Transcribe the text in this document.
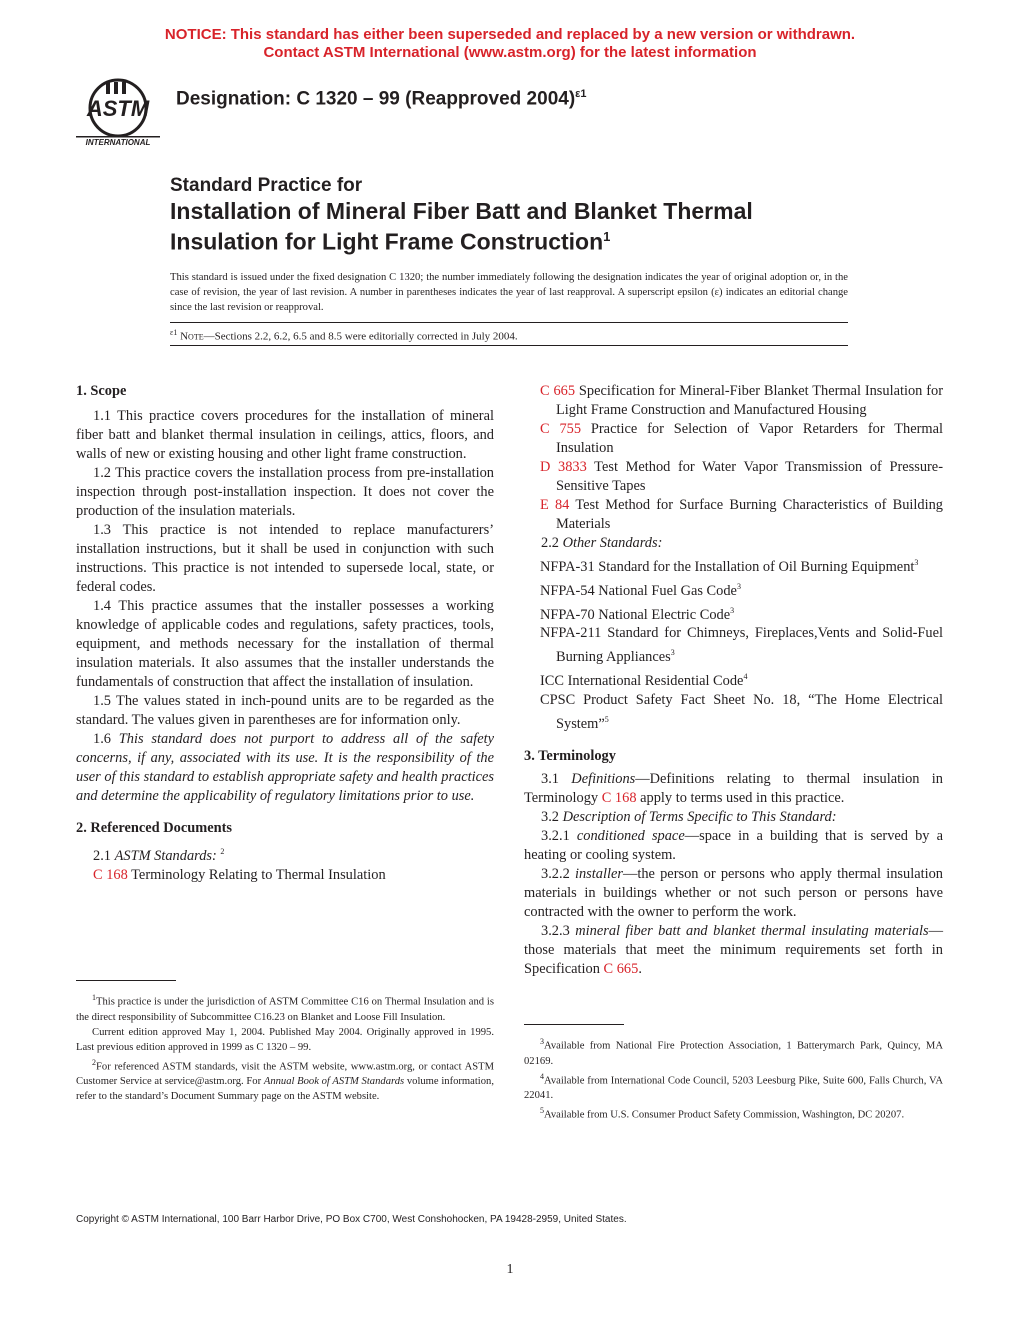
NOTICE: This standard has either been superseded and replaced by a new version or withdrawn.
Contact ASTM International (www.astm.org) for the latest information
ASTM
INTERNATIONAL
Designation: C 1320 – 99 (Reapproved 2004)$^{\varepsilon 1}$
Standard Practice for
Installation of Mineral Fiber Batt and Blanket Thermal
Insulation for Light Frame Construction$^1$
This standard is issued under the fixed designation C 1320; the number immediately following the designation indicates the year of original adoption or, in the case of revision, the year of last revision. A number in parentheses indicates the year of last reapproval. A superscript epsilon (ε) indicates an editorial change since the last revision or reapproval.
$^{\varepsilon 1}$ Note—Sections 2.2, 6.2, 6.5 and 8.5 were editorially corrected in July 2004.

1. Scope

1.1 This practice covers procedures for the installation of mineral fiber batt and blanket thermal insulation in ceilings, attics, floors, and walls of new or existing housing and other light frame construction.

1.2 This practice covers the installation process from pre-installation inspection through post-installation inspection. It does not cover the production of the insulation materials.

1.3 This practice is not intended to replace manufacturers’ installation instructions, but it shall be used in conjunction with such instructions. This practice is not intended to supersede local, state, or federal codes.

1.4 This practice assumes that the installer possesses a working knowledge of applicable codes and regulations, safety practices, tools, equipment, and methods necessary for the installation of thermal insulation materials. It also assumes that the installer understands the fundamentals of construction that affect the installation of insulation.

1.5 The values stated in inch-pound units are to be regarded as the standard. The values given in parentheses are for information only.

1.6 This standard does not purport to address all of the safety concerns, if any, associated with its use. It is the responsibility of the user of this standard to establish appropriate safety and health practices and determine the applicability of regulatory limitations prior to use.

2. Referenced Documents

2.1 ASTM Standards: $^2$

C 168 Terminology Relating to Thermal Insulation

$^1$This practice is under the jurisdiction of ASTM Committee C16 on Thermal Insulation and is the direct responsibility of Subcommittee C16.23 on Blanket and Loose Fill Insulation.

Current edition approved May 1, 2004. Published May 2004. Originally approved in 1995. Last previous edition approved in 1999 as C 1320 – 99.

$^2$For referenced ASTM standards, visit the ASTM website, www.astm.org, or contact ASTM Customer Service at service@astm.org. For Annual Book of ASTM Standards volume information, refer to the standard’s Document Summary page on the ASTM website.

C 665 Specification for Mineral-Fiber Blanket Thermal Insulation for Light Frame Construction and Manufactured Housing

C 755 Practice for Selection of Vapor Retarders for Thermal Insulation

D 3833 Test Method for Water Vapor Transmission of Pressure-Sensitive Tapes

E 84 Test Method for Surface Burning Characteristics of Building Materials

2.2 Other Standards:

NFPA-31 Standard for the Installation of Oil Burning Equipment$^3$

NFPA-54 National Fuel Gas Code$^3$

NFPA-70 National Electric Code$^3$

NFPA-211 Standard for Chimneys, Fireplaces,Vents and Solid-Fuel Burning Appliances$^3$

ICC International Residential Code$^4$

CPSC Product Safety Fact Sheet No. 18, “The Home Electrical System”$^5$

3. Terminology

3.1 Definitions—Definitions relating to thermal insulation in Terminology C 168 apply to terms used in this practice.

3.2 Description of Terms Specific to This Standard:

3.2.1 conditioned space—space in a building that is served by a heating or cooling system.

3.2.2 installer—the person or persons who apply thermal insulation materials in buildings whether or not such person or persons have contracted with the owner to perform the work.

3.2.3 mineral fiber batt and blanket thermal insulating materials—those materials that meet the minimum requirements set forth in Specification C 665.

$^3$Available from National Fire Protection Association, 1 Batterymarch Park, Quincy, MA 02169.

$^4$Available from International Code Council, 5203 Leesburg Pike, Suite 600, Falls Church, VA 22041.

$^5$Available from U.S. Consumer Product Safety Commission, Washington, DC 20207.

Copyright © ASTM International, 100 Barr Harbor Drive, PO Box C700, West Conshohocken, PA 19428-2959, United States.
1
